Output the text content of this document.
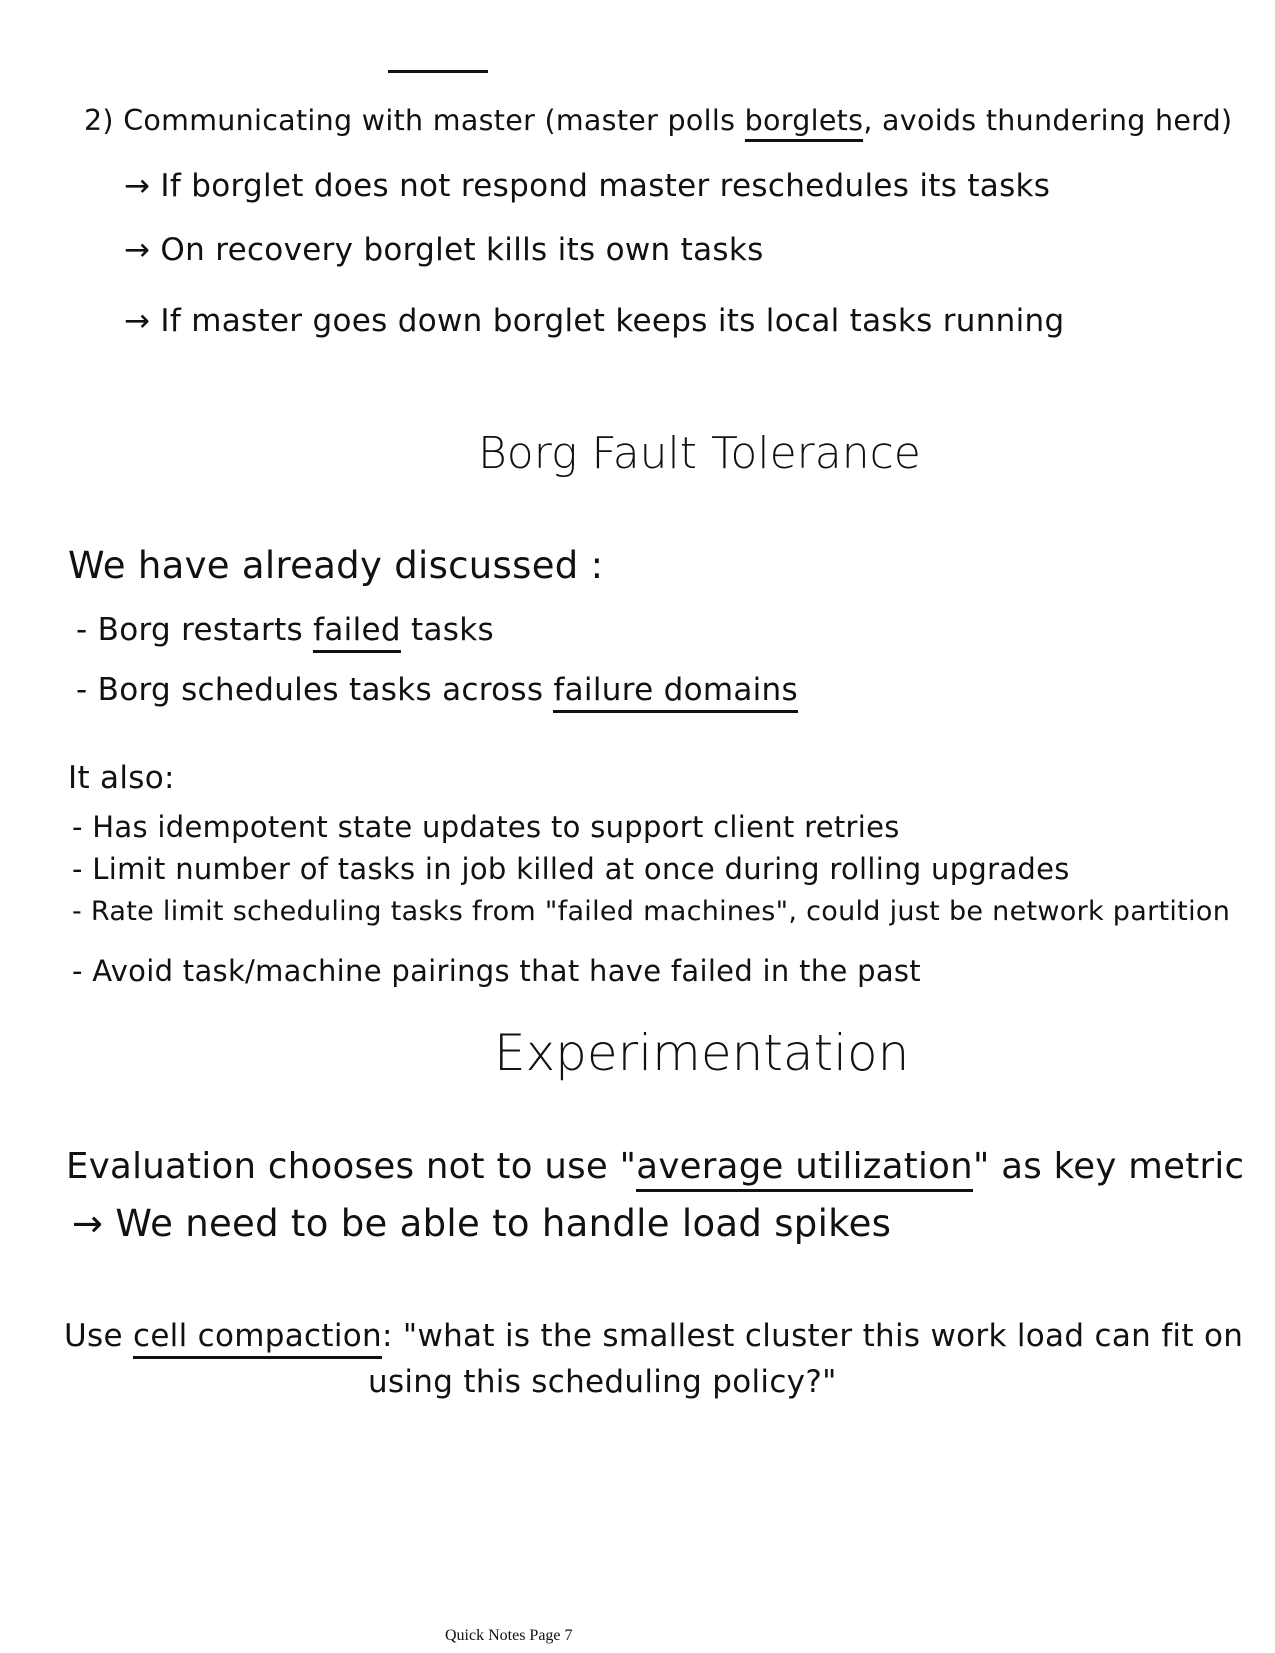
2) Communicating with master (master polls borglets, avoids thundering herd)
→ If borglet does not respond master reschedules its tasks
→ On recovery borglet kills its own tasks
→ If master goes down borglet keeps its local tasks running
Borg Fault Tolerance
We have already discussed :
- Borg restarts failed tasks
- Borg schedules tasks across failure domains
It also:
- Has idempotent state updates to support client retries
- Limit number of tasks in job killed at once during rolling upgrades
- Rate limit scheduling tasks from "failed machines", could just be network partition
- Avoid task/machine pairings that have failed in the past
Experimentation
Evaluation chooses not to use "average utilization" as key metric
→ We need to be able to handle load spikes
Use cell compaction: "what is the smallest cluster this work load can fit on
using this scheduling policy?"
Quick Notes Page 7
